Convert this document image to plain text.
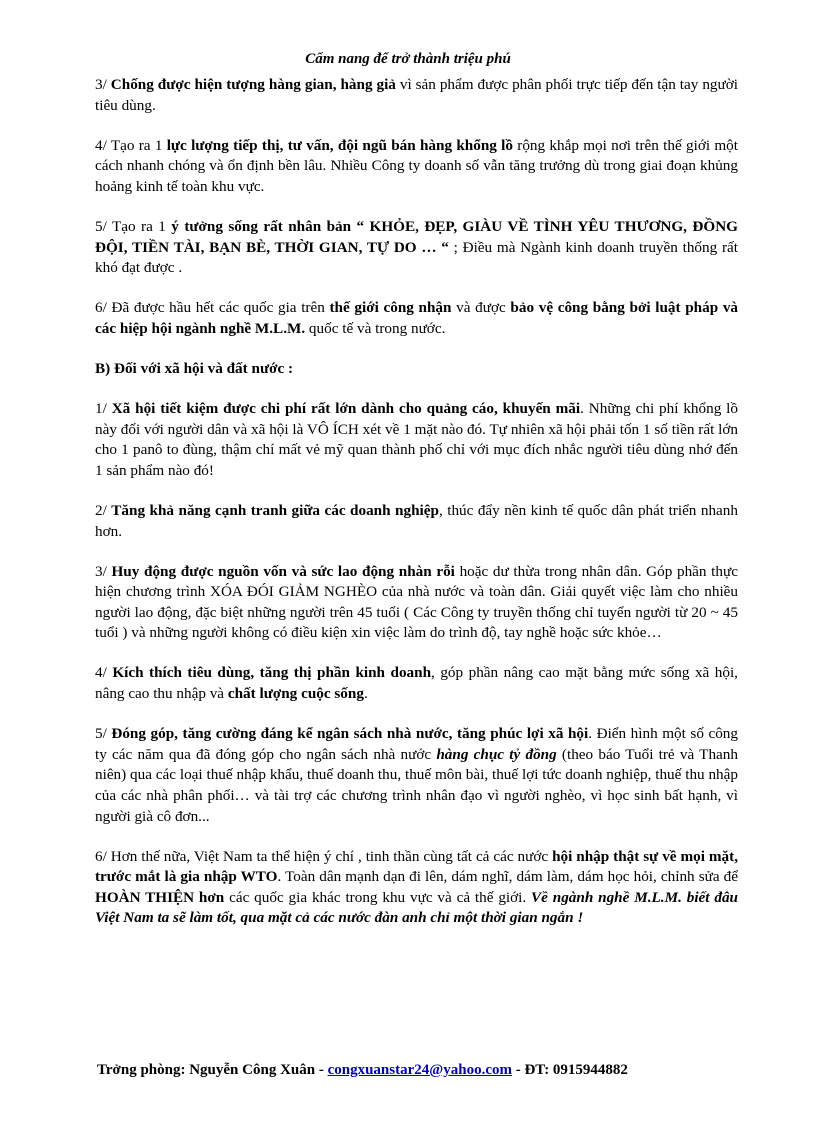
Cẩm nang để trở thành triệu phú

3/ Chống được hiện tượng hàng gian, hàng giả vì sản phẩm được phân phối trực tiếp đến tận tay người tiêu dùng.

4/ Tạo ra 1 lực lượng tiếp thị, tư vấn, đội ngũ bán hàng khổng lồ rộng khắp mọi nơi trên thế giới một cách nhanh chóng và ổn định bền lâu. Nhiều Công ty doanh số vẫn tăng trưởng dù trong giai đoạn khủng hoảng kinh tế toàn khu vực.

5/ Tạo ra 1 ý tưởng sống rất nhân bản “ KHỎE, ĐẸP, GIÀU VỀ TÌNH YÊU THƯƠNG, ĐỒNG ĐỘI, TIỀN TÀI, BẠN BÈ, THỜI GIAN, TỰ DO … “ ; Điều mà Ngành kinh doanh truyền thống rất khó đạt được .

6/ Đã được hầu hết các quốc gia trên thế giới công nhận và được bảo vệ công bằng bởi luật pháp và các hiệp hội ngành nghề M.L.M. quốc tế và trong nước.

B) Đối với xã hội và đất nước :

1/ Xã hội tiết kiệm được chi phí rất lớn dành cho quảng cáo, khuyến mãi. Những chi phí khổng lồ này đối với người dân và xã hội là VÔ ÍCH xét về 1 mặt nào đó. Tự nhiên xã hội phải tốn 1 số tiền rất lớn cho 1 panô to đùng, thậm chí mất vẻ mỹ quan thành phố chỉ với mục đích nhắc người tiêu dùng nhớ đến 1 sản phẩm nào đó!

2/ Tăng khả năng cạnh tranh giữa các doanh nghiệp, thúc đẩy nền kinh tế quốc dân phát triển nhanh hơn.

3/ Huy động được nguồn vốn và sức lao động nhàn rỗi hoặc dư thừa trong nhân dân. Góp phần thực hiện chương trình XÓA ĐÓI GIẢM NGHÈO của nhà nước và toàn dân. Giải quyết việc làm cho nhiều người lao động, đặc biệt những người trên 45 tuổi ( Các Công ty truyền thống chỉ tuyển người từ 20 ~ 45 tuổi ) và những người không có điều kiện xin việc làm do trình độ, tay nghề hoặc sức khỏe…

4/ Kích thích tiêu dùng, tăng thị phần kinh doanh, góp phần nâng cao mặt bằng mức sống xã hội, nâng cao thu nhập và chất lượng cuộc sống.

5/ Đóng góp, tăng cường đáng kể ngân sách nhà nước, tăng phúc lợi xã hội. Điển hình một số công ty các năm qua đã đóng góp cho ngân sách nhà nước hàng chục tỷ đồng (theo báo Tuổi trẻ và Thanh niên) qua các loại thuế nhập khẩu, thuế doanh thu, thuế môn bài, thuế lợi tức doanh nghiệp, thuế thu nhập của các nhà phân phối… và tài trợ các chương trình nhân đạo vì người nghèo, vì học sinh bất hạnh, vì người già cô đơn...

6/ Hơn thế nữa, Việt Nam ta thể hiện ý chí , tinh thần cùng tất cả các nước hội nhập thật sự về mọi mặt, trước mắt là gia nhập WTO. Toàn dân mạnh dạn đi lên, dám nghĩ, dám làm, dám học hỏi, chỉnh sửa để HOÀN THIỆN hơn các quốc gia khác trong khu vực và cả thế giới. Về ngành nghề M.L.M. biết đâu Việt Nam ta sẽ làm tốt, qua mặt cả các nước đàn anh chỉ một thời gian ngắn !

Trởng phòng: Nguyễn Công Xuân - congxuanstar24@yahoo.com - ĐT: 0915944882
